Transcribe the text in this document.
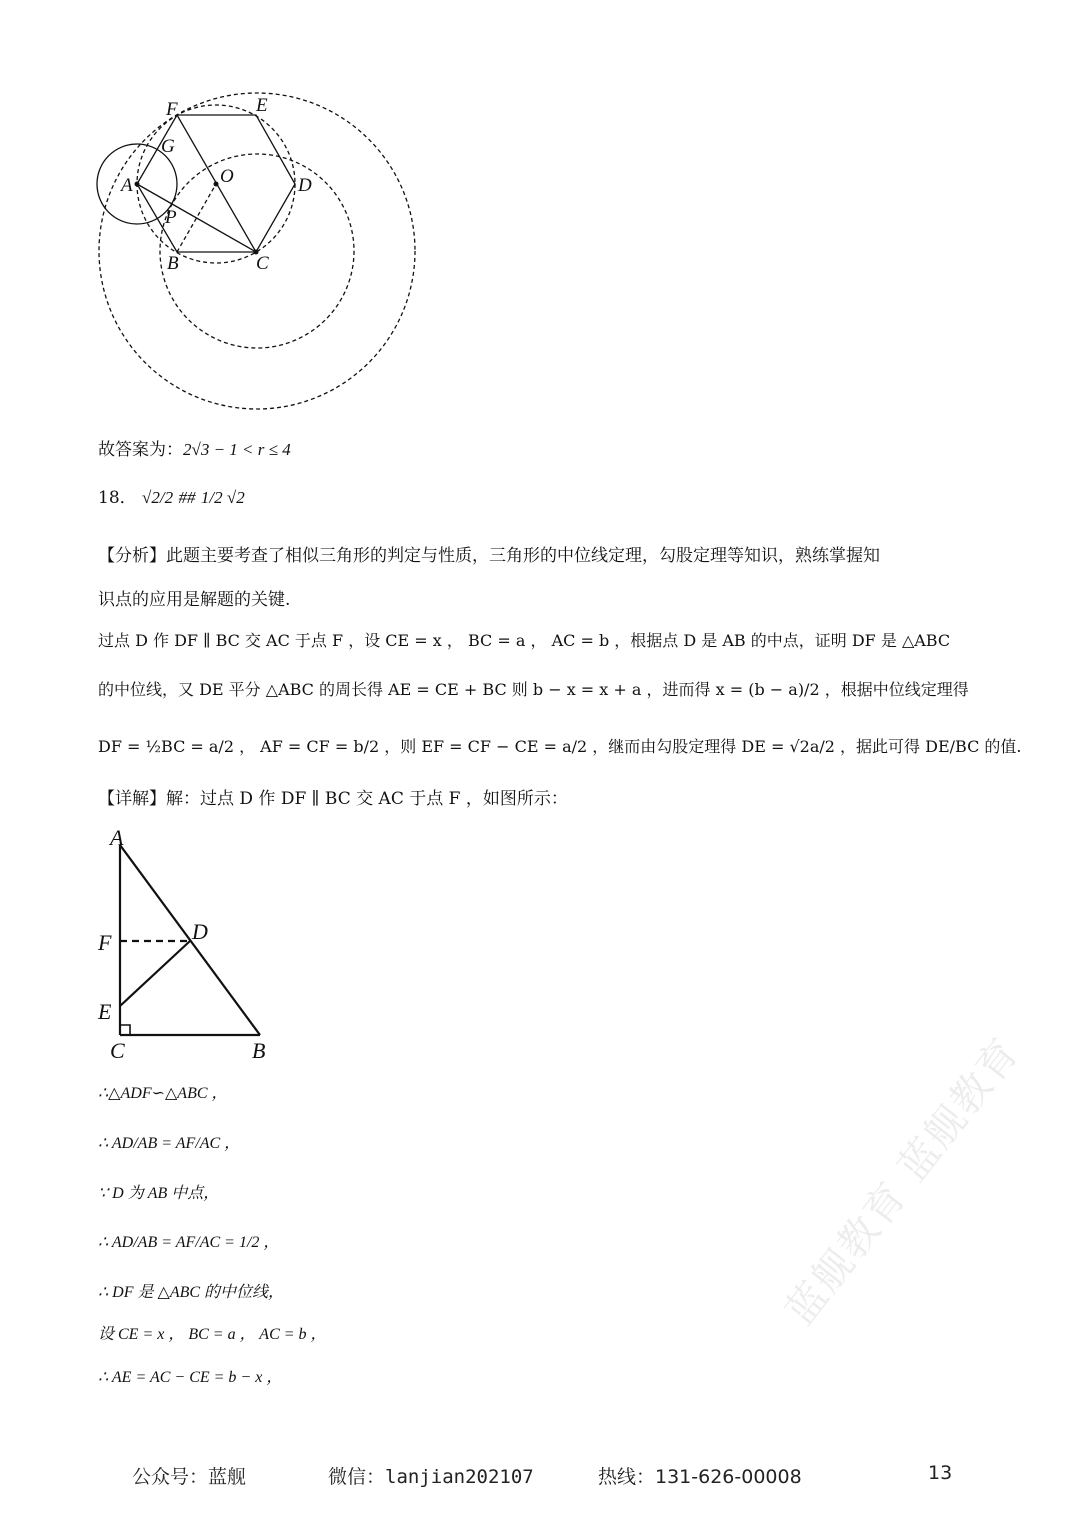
F	E
G
A	O	D
P
B	C
故答案为：2√3 − 1 < r ≤ 4
18． √2/2 ## 1/2 √2
【分析】此题主要考查了相似三角形的判定与性质，三角形的中位线定理，勾股定理等知识，熟练掌握知
识点的应用是解题的关键.
过点 D 作 DF ∥ BC 交 AC 于点 F ，设 CE = x ， BC = a ， AC = b ，根据点 D 是 AB 的中点，证明 DF 是 △ABC
的中位线，又 DE 平分 △ABC 的周长得 AE = CE + BC 则 b − x = x + a ，进而得 x = (b − a)/2 ，根据中位线定理得
DF = ½BC = a/2 ， AF = CF = b/2 ，则 EF = CF − CE = a/2 ，继而由勾股定理得 DE = √2a/2 ，据此可得 DE/BC 的值.
【详解】解：过点 D 作 DF ∥ BC 交 AC 于点 F ，如图所示：
A
F	D
E
C	B
∴△ADF∽△ABC ，
∴ AD/AB = AF/AC ，
∵ D 为 AB 中点，
∴ AD/AB = AF/AC = 1/2 ，
∴ DF 是 △ABC 的中位线，
设 CE = x ， BC = a ， AC = b ，
∴ AE = AC − CE = b − x ，
蓝舰教育 蓝舰教育
公众号：蓝舰	微信：lanjian202107	热线：131-626-00008	13
